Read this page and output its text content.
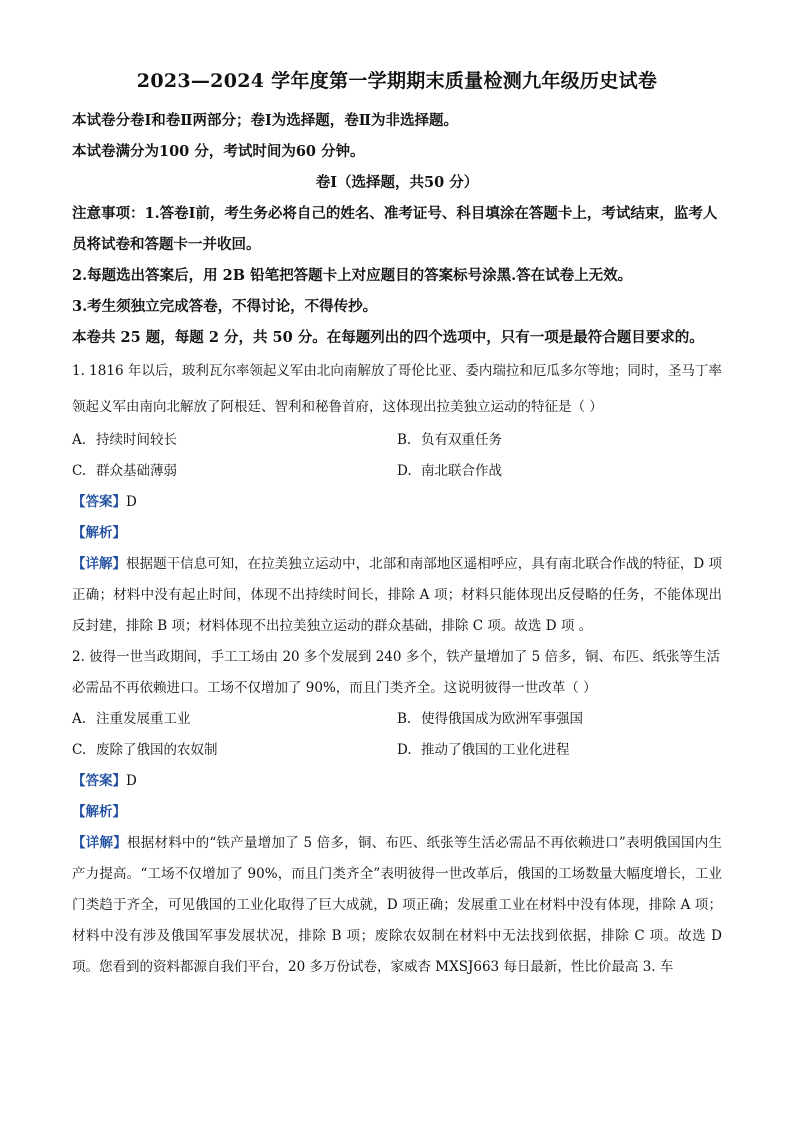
2023—2024 学年度第一学期期末质量检测九年级历史试卷

本试卷分卷Ⅰ和卷Ⅱ两部分；卷Ⅰ为选择题，卷Ⅱ为非选择题。

本试卷满分为100 分，考试时间为60 分钟。

卷Ⅰ（选择题，共50 分）

注意事项：1.答卷Ⅰ前，考生务必将自己的姓名、准考证号、科目填涂在答题卡上，考试结束，监考人员将试卷和答题卡一并收回。

2.每题选出答案后，用 2B 铅笔把答题卡上对应题目的答案标号涂黑.答在试卷上无效。

3.考生须独立完成答卷，不得讨论，不得传抄。

本卷共 25 题，每题 2 分，共 50 分。在每题列出的四个选项中，只有一项是最符合题目要求的。

1. 1816 年以后，玻利瓦尔率领起义军由北向南解放了哥伦比亚、委内瑞拉和厄瓜多尔等地；同时，圣马丁率领起义军由南向北解放了阿根廷、智利和秘鲁首府，这体现出拉美独立运动的特征是（ ）

A. 持续时间较长	B. 负有双重任务
C. 群众基础薄弱	D. 南北联合作战

【答案】D

【解析】

【详解】根据题干信息可知，在拉美独立运动中，北部和南部地区遥相呼应，具有南北联合作战的特征，D 项正确；材料中没有起止时间，体现不出持续时间长，排除 A 项；材料只能体现出反侵略的任务，不能体现出反封建，排除 B 项；材料体现不出拉美独立运动的群众基础，排除 C 项。故选 D 项 。

2. 彼得一世当政期间，手工工场由 20 多个发展到 240 多个，铁产量增加了 5 倍多，铜、布匹、纸张等生活必需品不再依赖进口。工场不仅增加了 90%，而且门类齐全。这说明彼得一世改革（ ）

A. 注重发展重工业	B. 使得俄国成为欧洲军事强国
C. 废除了俄国的农奴制	D. 推动了俄国的工业化进程

【答案】D

【解析】

【详解】根据材料中的“铁产量增加了 5 倍多，铜、布匹、纸张等生活必需品不再依赖进口”表明俄国国内生产力提高。“工场不仅增加了 90%，而且门类齐全”表明彼得一世改革后，俄国的工场数量大幅度增长，工业门类趋于齐全，可见俄国的工业化取得了巨大成就，D 项正确；发展重工业在材料中没有体现，排除 A 项；材料中没有涉及俄国军事发展状况，排除 B 项；废除农奴制在材料中无法找到依据，排除 C 项。故选 D 项。您看到的资料都源自我们平台，20 多万份试卷，家威杏 MXSJ663 每日最新，性比价最高 3. 车
